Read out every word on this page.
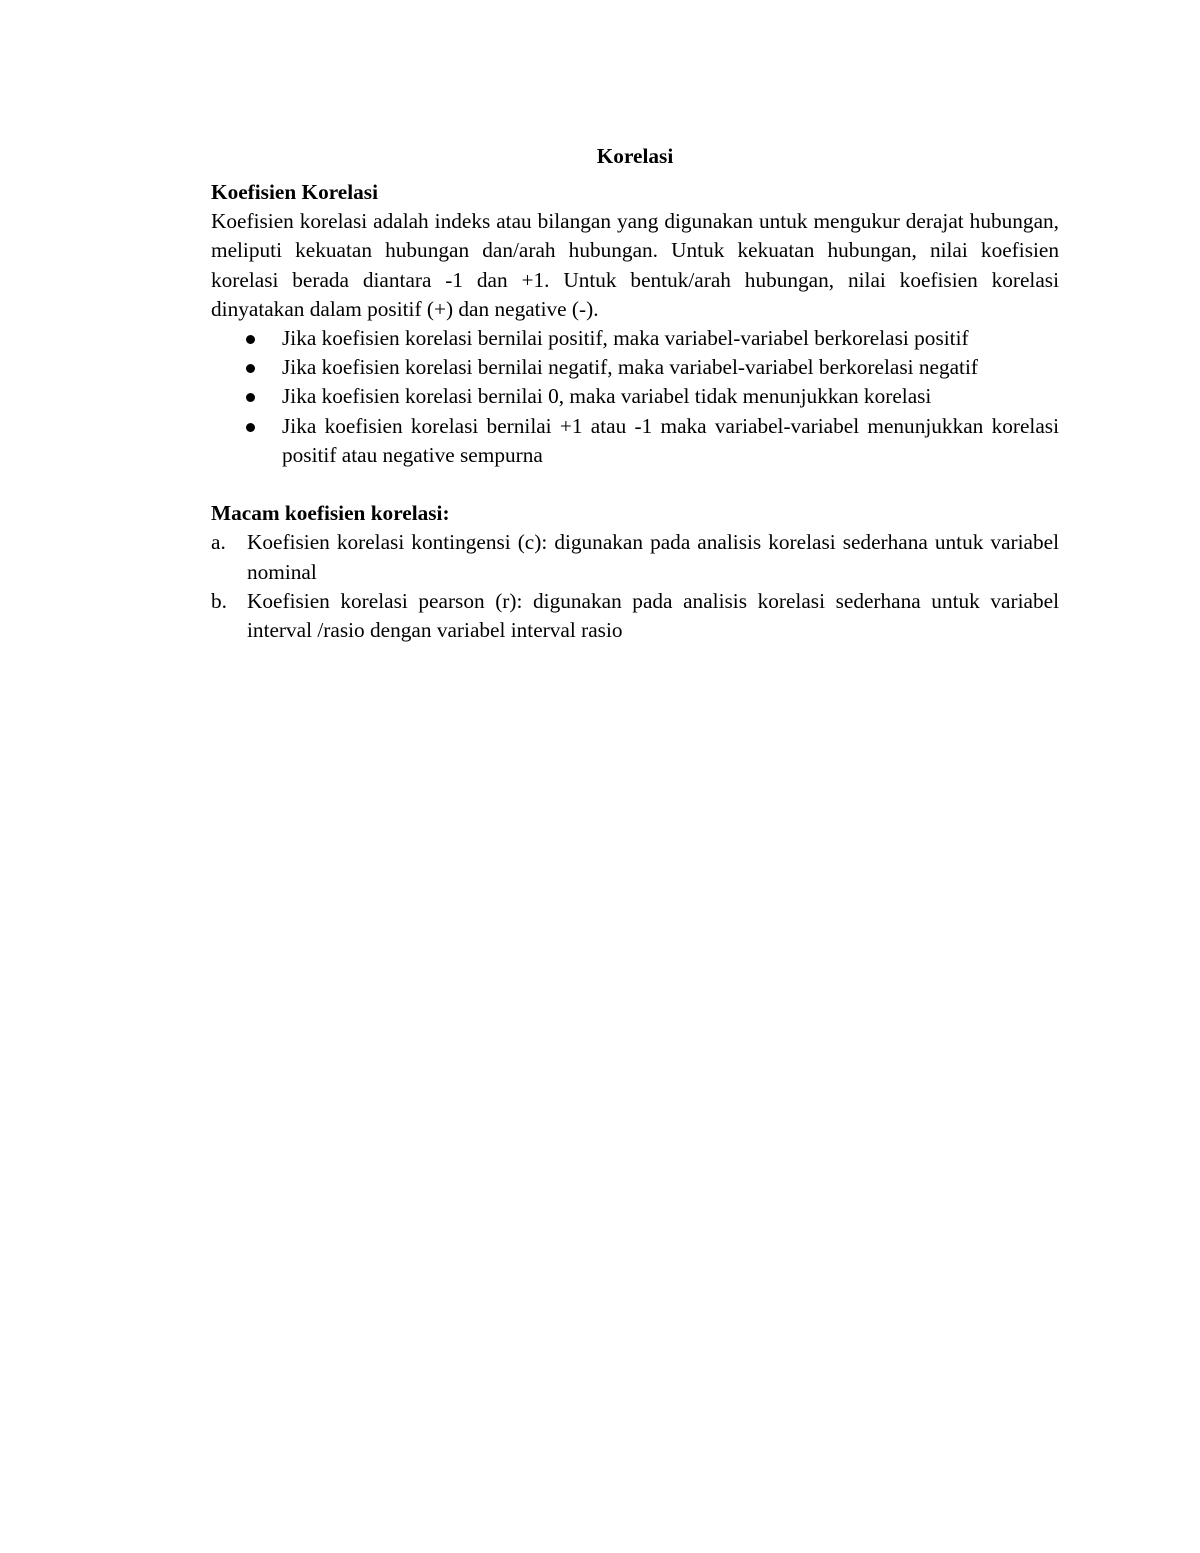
Korelasi
Koefisien Korelasi

Koefisien korelasi adalah indeks atau bilangan yang digunakan untuk mengukur derajat hubungan, meliputi kekuatan hubungan dan/arah hubungan. Untuk kekuatan hubungan, nilai koefisien korelasi berada diantara -1 dan +1. Untuk bentuk/arah hubungan, nilai koefisien korelasi dinyatakan dalam positif (+) dan negative (-).

Jika koefisien korelasi bernilai positif, maka variabel-variabel berkorelasi positif
Jika koefisien korelasi bernilai negatif, maka variabel-variabel berkorelasi negatif
Jika koefisien korelasi bernilai 0, maka variabel tidak menunjukkan korelasi
Jika koefisien korelasi bernilai +1 atau -1 maka variabel-variabel menunjukkan korelasi positif atau negative sempurna
Macam koefisien korelasi:
a. Koefisien korelasi kontingensi (c): digunakan pada analisis korelasi sederhana untuk variabel nominal
b. Koefisien korelasi pearson (r): digunakan pada analisis korelasi sederhana untuk variabel interval /rasio dengan variabel interval rasio
